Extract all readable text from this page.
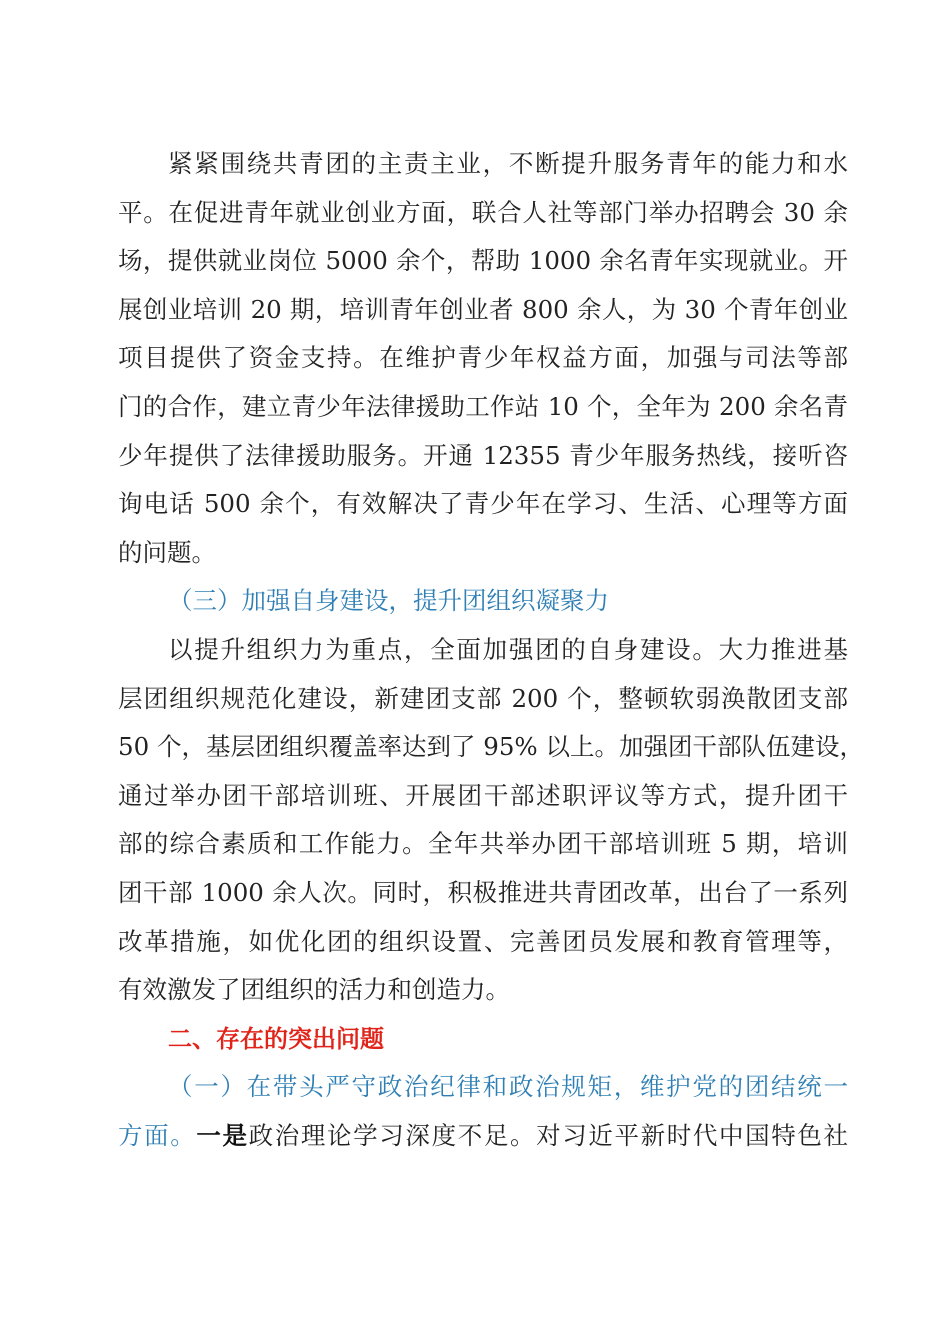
紧紧围绕共青团的主责主业，不断提升服务青年的能力和水
平。在促进青年就业创业方面，联合人社等部门举办招聘会 30 余
场，提供就业岗位 5000 余个，帮助 1000 余名青年实现就业。开
展创业培训 20 期，培训青年创业者 800 余人，为 30 个青年创业
项目提供了资金支持。在维护青少年权益方面，加强与司法等部
门的合作，建立青少年法律援助工作站 10 个，全年为 200 余名青
少年提供了法律援助服务。开通 12355 青少年服务热线，接听咨
询电话 500 余个，有效解决了青少年在学习、生活、心理等方面
的问题。
（三）加强自身建设，提升团组织凝聚力
以提升组织力为重点，全面加强团的自身建设。大力推进基
层团组织规范化建设，新建团支部 200 个，整顿软弱涣散团支部
50 个，基层团组织覆盖率达到了 95% 以上。加强团干部队伍建设，
通过举办团干部培训班、开展团干部述职评议等方式，提升团干
部的综合素质和工作能力。全年共举办团干部培训班 5 期，培训
团干部 1000 余人次。同时，积极推进共青团改革，出台了一系列
改革措施，如优化团的组织设置、完善团员发展和教育管理等，
有效激发了团组织的活力和创造力。
二、存在的突出问题
（一）在带头严守政治纪律和政治规矩，维护党的团结统一
方面。一是政治理论学习深度不足。对习近平新时代中国特色社
